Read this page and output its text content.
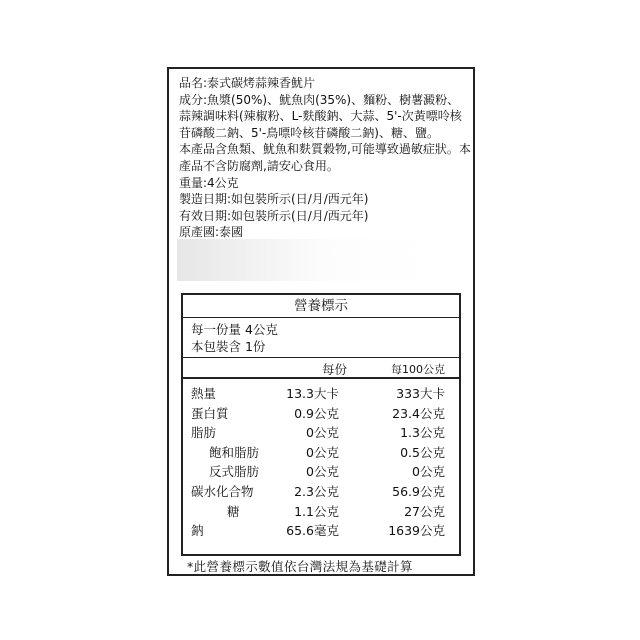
品名:泰式碳烤蒜辣香魷片
成分:魚漿(50%)、魷魚肉(35%)、麵粉、樹薯澱粉、蒜辣調味料(辣椒粉、L-麩酸鈉、大蒜、5'-次黃嘌呤核苷磷酸二鈉、5'-鳥嘌呤核苷磷酸二鈉)、糖、鹽。
本產品含魚類、魷魚和麩質穀物,可能導致過敏症狀。本產品不含防腐劑,請安心食用。
重量:4公克
製造日期:如包裝所示(日/月/西元年)
有效日期:如包裝所示(日/月/西元年)
原產國:泰國
營養標示
每一份量 4公克
本包裝含 1份
每份	每100公克
熱量	13.3大卡	333大卡
蛋白質	0.9公克	23.4公克
脂肪	0公克	1.3公克
飽和脂肪	0公克	0.5公克
反式脂肪	0公克	0公克
碳水化合物	2.3公克	56.9公克
糖	1.1公克	27公克
鈉	65.6毫克	1639公克
*此營養標示數值依台灣法規為基礎計算
